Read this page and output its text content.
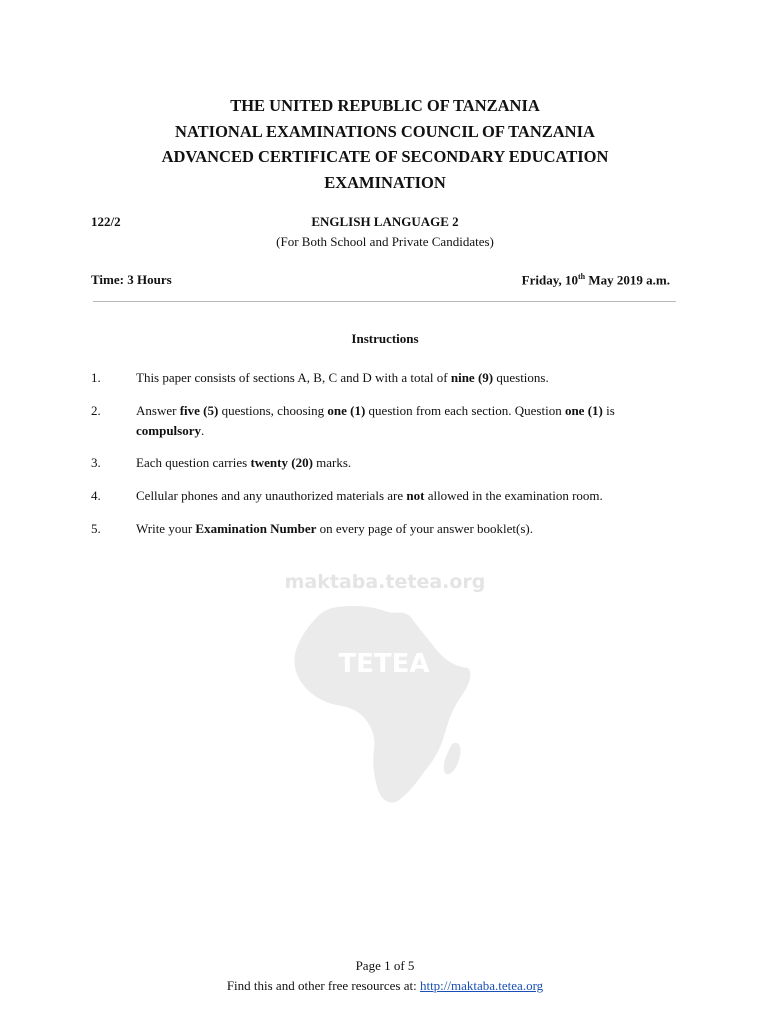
THE UNITED REPUBLIC OF TANZANIA
NATIONAL EXAMINATIONS COUNCIL OF TANZANIA
ADVANCED CERTIFICATE OF SECONDARY EDUCATION
EXAMINATION
122/2	ENGLISH LANGUAGE 2
(For Both School and Private Candidates)
Time: 3 Hours	Friday, 10th May 2019 a.m.
Instructions
1.	This paper consists of sections A, B, C and D with a total of nine (9) questions.
2.	Answer five (5) questions, choosing one (1) question from each section. Question one (1) is compulsory.
3.	Each question carries twenty (20) marks.
4.	Cellular phones and any unauthorized materials are not allowed in the examination room.
5.	Write your Examination Number on every page of your answer booklet(s).
maktaba.tetea.org
TETEA
Page 1 of 5
Find this and other free resources at: http://maktaba.tetea.org
